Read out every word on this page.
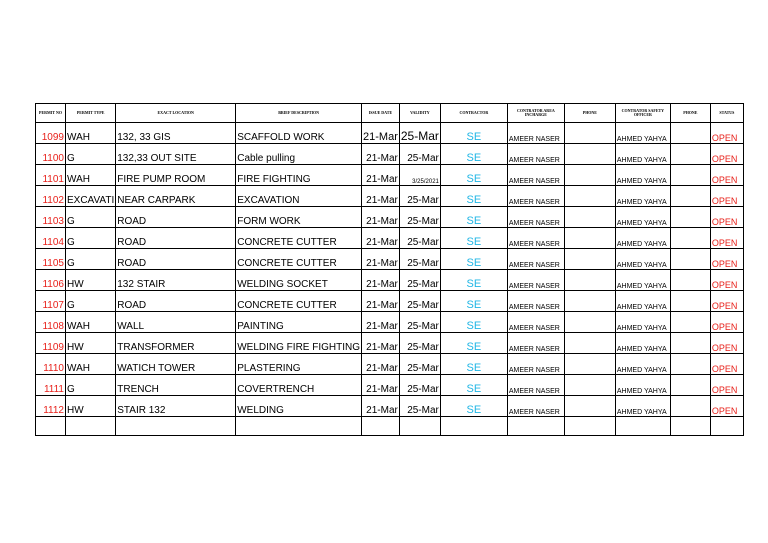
PERMIT NO	PERMIT TYPE	EXACT LOCATION	BRIEF DESCRIPTION	ISSUE DATE	VALIDITY	CONTRACTOR	CONTRATOR AREA INCHARGE	PHONE	CONTRATOR SAFETY OFFICER	PHONE	STATUS
1099	WAH	132, 33 GIS	SCAFFOLD WORK	21-Mar	25-Mar	SE	AMEER NASER		AHMED YAHYA		OPEN
1100	G	132,33 OUT SITE	Cable pulling	21-Mar	25-Mar	SE	AMEER NASER		AHMED YAHYA		OPEN
1101	WAH	FIRE PUMP ROOM	FIRE FIGHTING	21-Mar	3/25/2021	SE	AMEER NASER		AHMED YAHYA		OPEN
1102	EXCAVATI	NEAR CARPARK	EXCAVATION	21-Mar	25-Mar	SE	AMEER NASER		AHMED YAHYA		OPEN
1103	G	ROAD	FORM WORK	21-Mar	25-Mar	SE	AMEER NASER		AHMED YAHYA		OPEN
1104	G	ROAD	CONCRETE CUTTER	21-Mar	25-Mar	SE	AMEER NASER		AHMED YAHYA		OPEN
1105	G	ROAD	CONCRETE CUTTER	21-Mar	25-Mar	SE	AMEER NASER		AHMED YAHYA		OPEN
1106	HW	132 STAIR	WELDING SOCKET	21-Mar	25-Mar	SE	AMEER NASER		AHMED YAHYA		OPEN
1107	G	ROAD	CONCRETE CUTTER	21-Mar	25-Mar	SE	AMEER NASER		AHMED YAHYA		OPEN
1108	WAH	WALL	PAINTING	21-Mar	25-Mar	SE	AMEER NASER		AHMED YAHYA		OPEN
1109	HW	TRANSFORMER	WELDING FIRE FIGHTING	21-Mar	25-Mar	SE	AMEER NASER		AHMED YAHYA		OPEN
1110	WAH	WATICH TOWER	PLASTERING	21-Mar	25-Mar	SE	AMEER NASER		AHMED YAHYA		OPEN
1111	G	TRENCH	COVERTRENCH	21-Mar	25-Mar	SE	AMEER NASER		AHMED YAHYA		OPEN
1112	HW	STAIR 132	WELDING	21-Mar	25-Mar	SE	AMEER NASER		AHMED YAHYA		OPEN
